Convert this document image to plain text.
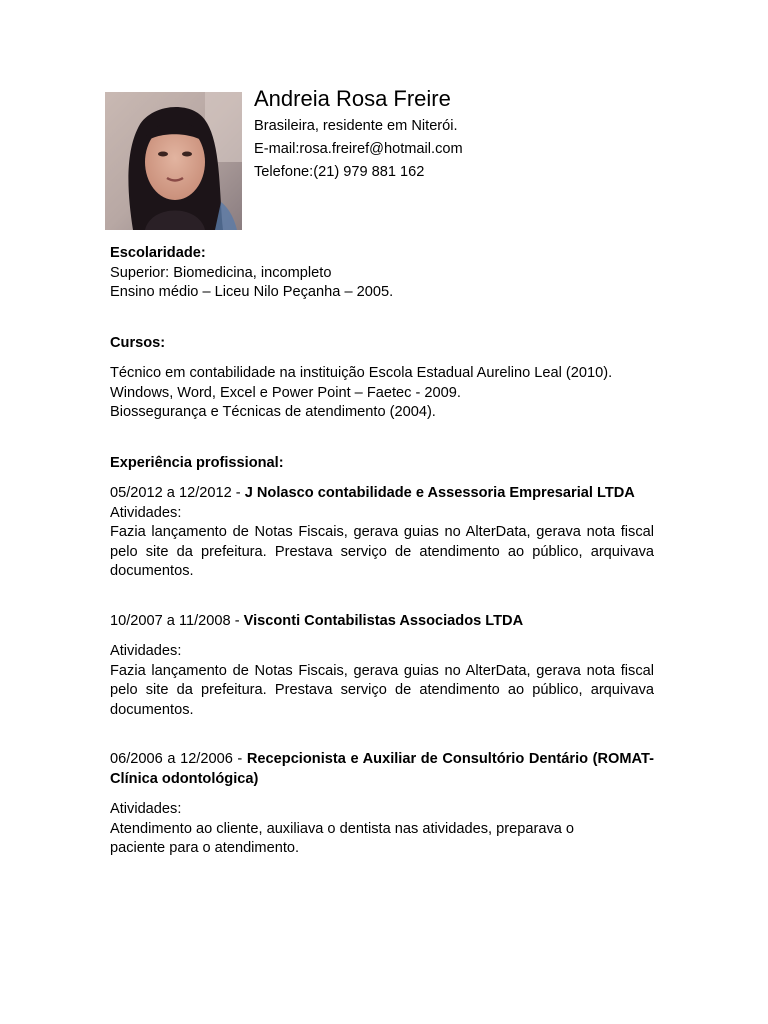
Andreia Rosa Freire
Brasileira, residente em Niterói.
E-mail:rosa.freiref@hotmail.com
Telefone:(21) 979 881 162
Escolaridade:
Superior: Biomedicina, incompleto
Ensino médio – Liceu Nilo Peçanha – 2005.
Cursos:
Técnico em contabilidade na instituição Escola Estadual Aurelino Leal (2010).
Windows, Word, Excel e Power Point – Faetec - 2009.
Biossegurança e Técnicas de atendimento (2004).
Experiência profissional:
05/2012 a 12/2012 - J Nolasco contabilidade e Assessoria Empresarial LTDA
Atividades:
Fazia lançamento de Notas Fiscais, gerava guias no AlterData, gerava nota fiscal pelo site da prefeitura. Prestava serviço de atendimento ao público, arquivava documentos.
10/2007 a 11/2008 - Visconti Contabilistas Associados LTDA
Atividades:
Fazia lançamento de Notas Fiscais, gerava guias no AlterData, gerava nota fiscal pelo site da prefeitura. Prestava serviço de atendimento ao público, arquivava documentos.
06/2006 a 12/2006 - Recepcionista e Auxiliar de Consultório Dentário (ROMAT- Clínica odontológica)
Atividades:
Atendimento ao cliente, auxiliava o dentista nas atividades, preparava o
paciente para o atendimento.
